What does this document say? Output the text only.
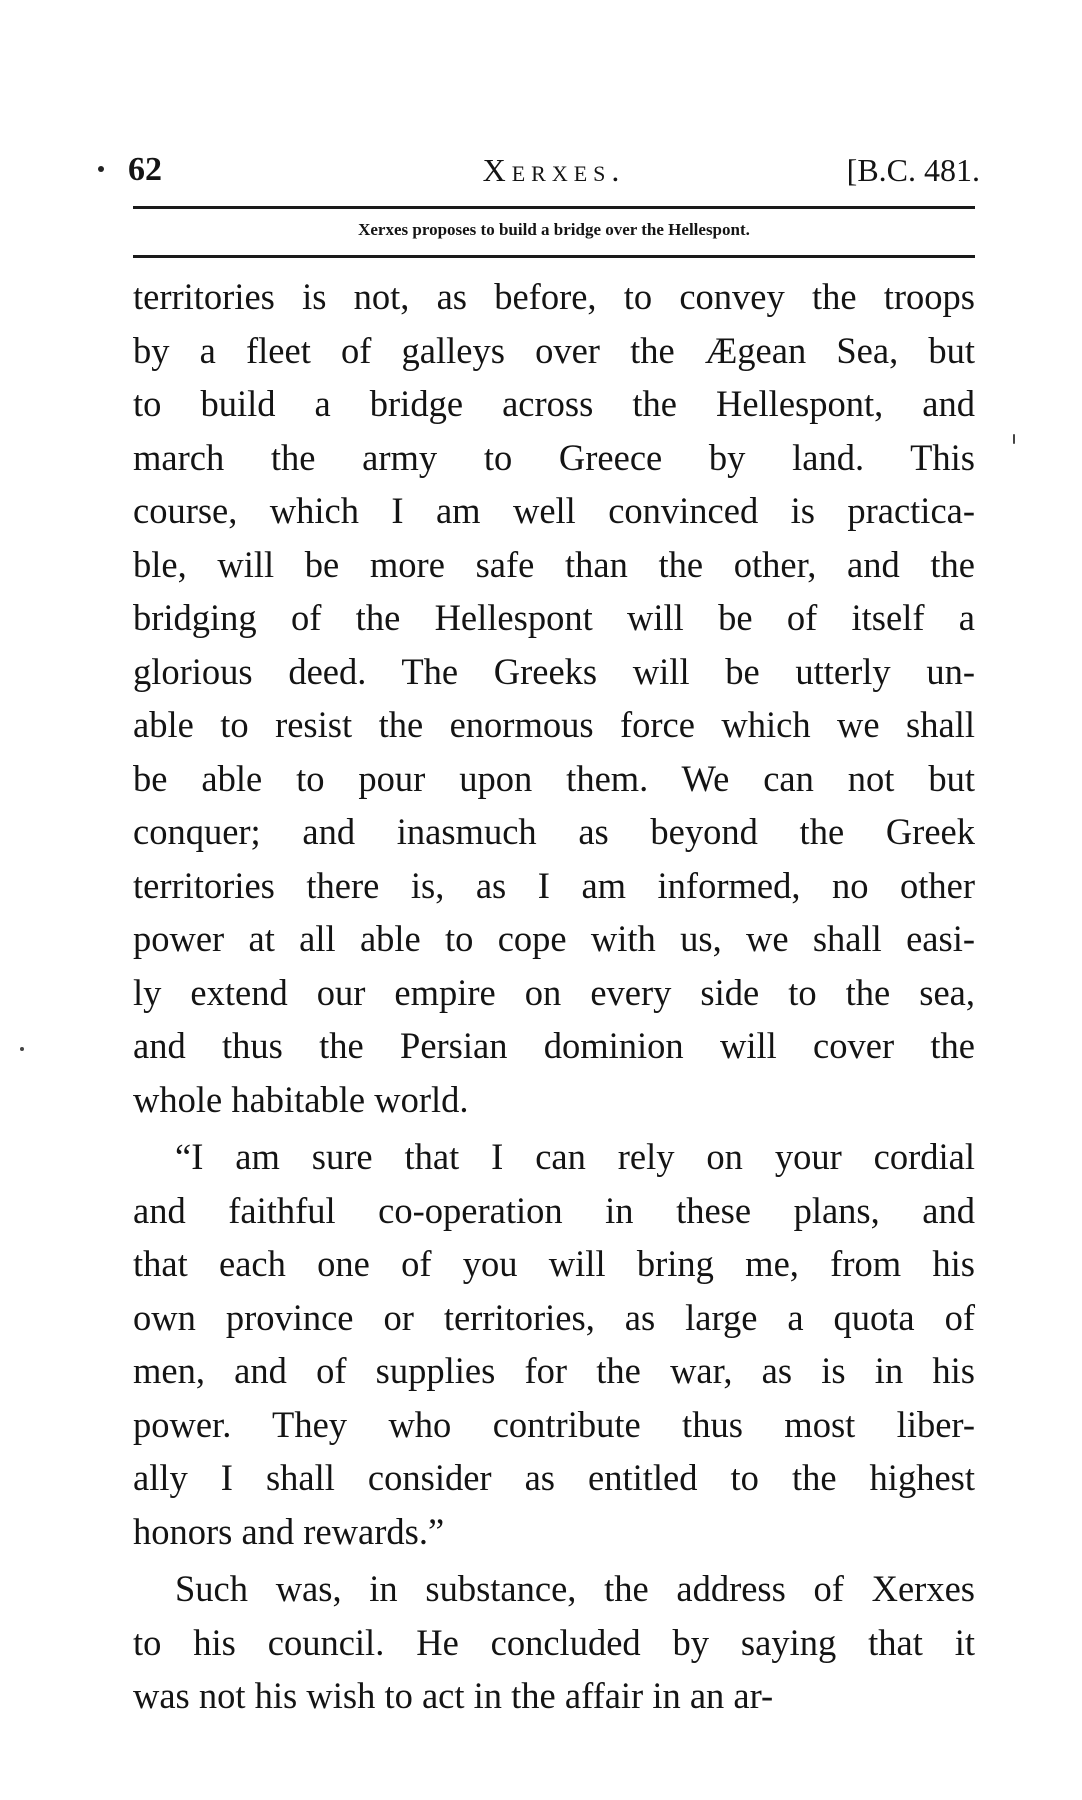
62	Xerxes.	[B.C. 481.
Xerxes proposes to build a bridge over the Hellespont.
territories is not, as before, to convey the troops
by a fleet of galleys over the Ægean Sea, but
to build a bridge across the Hellespont, and
march the army to Greece by land. This
course, which I am well convinced is practica-
ble, will be more safe than the other, and the
bridging of the Hellespont will be of itself a
glorious deed. The Greeks will be utterly un-
able to resist the enormous force which we shall
be able to pour upon them. We can not but
conquer; and inasmuch as beyond the Greek
territories there is, as I am informed, no other
power at all able to cope with us, we shall easi-
ly extend our empire on every side to the sea,
and thus the Persian dominion will cover the
whole habitable world.
“I am sure that I can rely on your cordial
and faithful co-operation in these plans, and
that each one of you will bring me, from his
own province or territories, as large a quota of
men, and of supplies for the war, as is in his
power. They who contribute thus most liber-
ally I shall consider as entitled to the highest
honors and rewards.”
Such was, in substance, the address of Xerxes
to his council. He concluded by saying that it
was not his wish to act in the affair in an ar-
